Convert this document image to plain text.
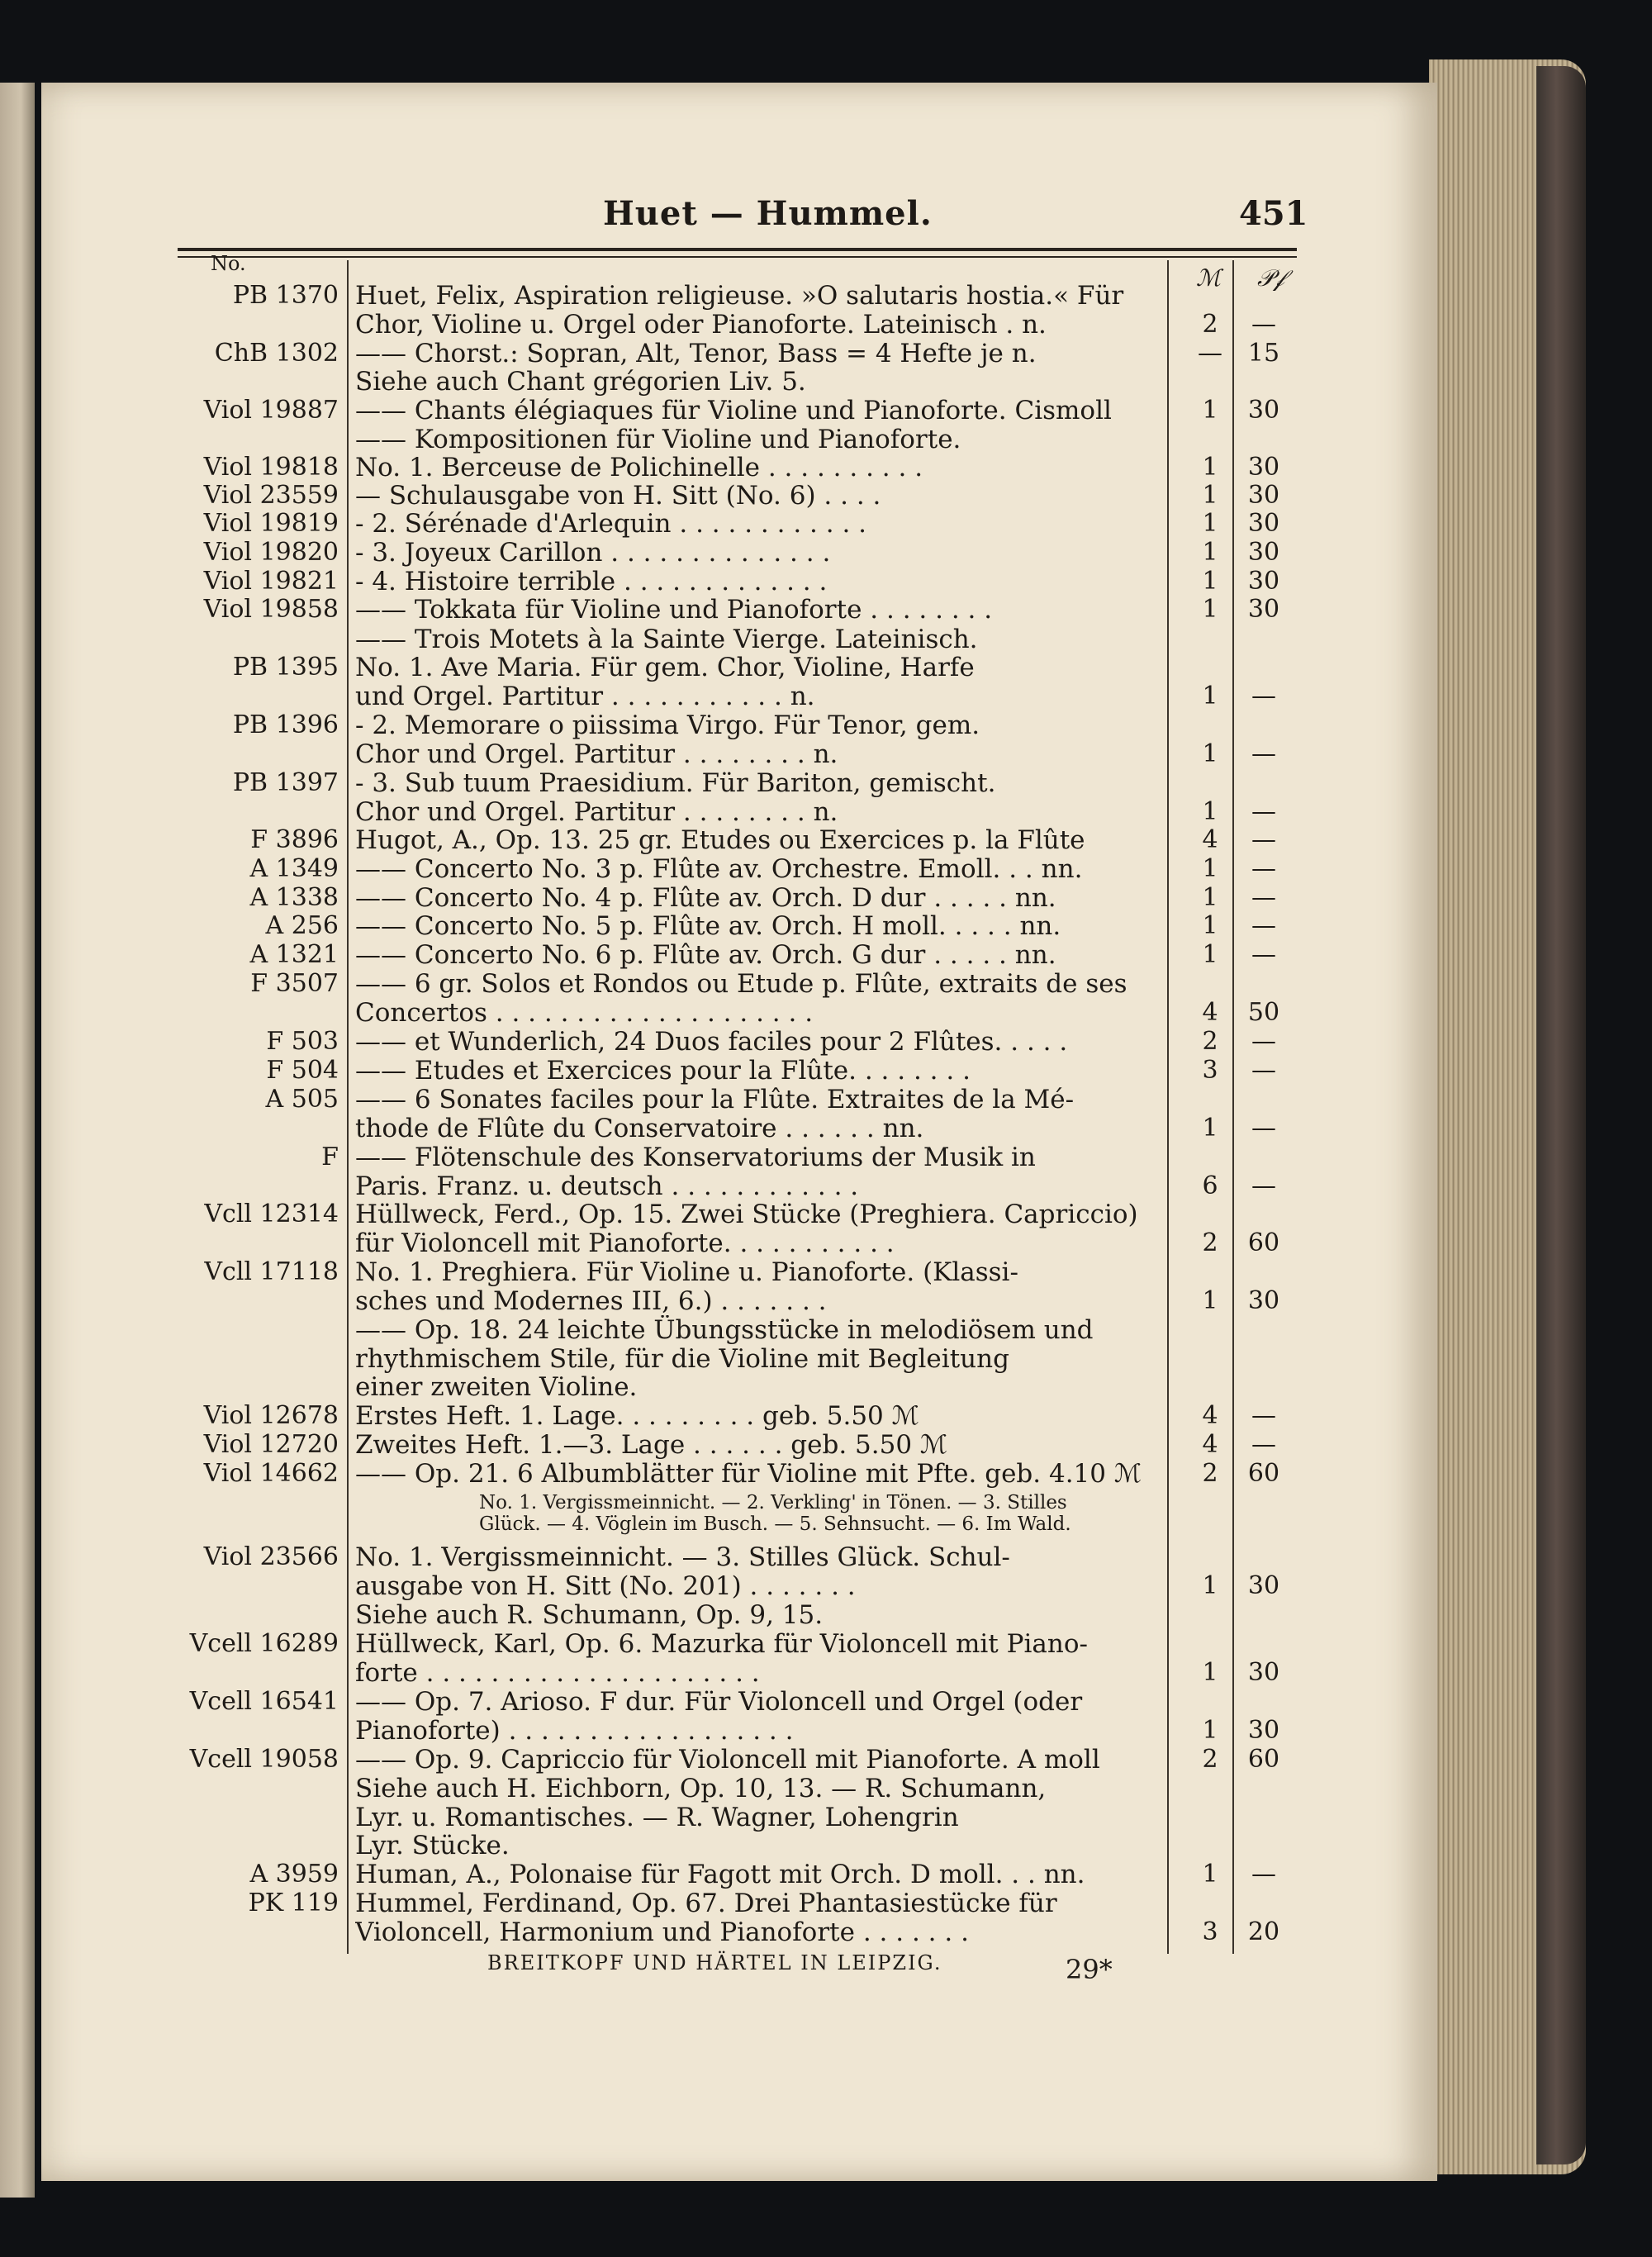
Huet — Hummel.	451
No.
ℳ 𝒫𝒻
PB 1370 Huet, Felix, Aspiration religieuse. »O salutaris hostia.« Für
Chor, Violine u. Orgel oder Pianoforte. Lateinisch . n.	2	—
ChB 1302 —— Chorst.: Sopran, Alt, Tenor, Bass = 4 Hefte je n.	—	15
Siehe auch Chant grégorien Liv. 5.
Viol 19887 —— Chants élégiaques für Violine und Pianoforte. Cismoll	1	30
—— Kompositionen für Violine und Pianoforte.
Viol 19818 No. 1. Berceuse de Polichinelle . . . . . . . . . .	1	30
Viol 23559 — Schulausgabe von H. Sitt (No. 6) . . . .	1	30
Viol 19819 - 2. Sérénade d'Arlequin . . . . . . . . . . . .	1	30
Viol 19820 - 3. Joyeux Carillon . . . . . . . . . . . . . .	1	30
Viol 19821 - 4. Histoire terrible . . . . . . . . . . . . .	1	30
Viol 19858 —— Tokkata für Violine und Pianoforte . . . . . . . .	1	30
—— Trois Motets à la Sainte Vierge. Lateinisch.
PB 1395 No. 1. Ave Maria. Für gem. Chor, Violine, Harfe
und Orgel. Partitur . . . . . . . . . . . n.	1	—
PB 1396 - 2. Memorare o piissima Virgo. Für Tenor, gem.
Chor und Orgel. Partitur . . . . . . . . n.	1	—
PB 1397 - 3. Sub tuum Praesidium. Für Bariton, gemischt.
Chor und Orgel. Partitur . . . . . . . . n.	1	—
F 3896 Hugot, A., Op. 13. 25 gr. Etudes ou Exercices p. la Flûte	4	—
A 1349 —— Concerto No. 3 p. Flûte av. Orchestre. Emoll. . . nn.	1	—
A 1338 —— Concerto No. 4 p. Flûte av. Orch. D dur . . . . . nn.	1	—
A 256 —— Concerto No. 5 p. Flûte av. Orch. H moll. . . . . nn.	1	—
A 1321 —— Concerto No. 6 p. Flûte av. Orch. G dur . . . . . nn.	1	—
F 3507 —— 6 gr. Solos et Rondos ou Etude p. Flûte, extraits de ses
Concertos . . . . . . . . . . . . . . . . . . . .	4	50
F 503 —— et Wunderlich, 24 Duos faciles pour 2 Flûtes. . . . .	2	—
F 504 —— Etudes et Exercices pour la Flûte. . . . . . . .	3	—
A 505 —— 6 Sonates faciles pour la Flûte. Extraites de la Mé-
thode de Flûte du Conservatoire . . . . . . nn.	1	—
F —— Flötenschule des Konservatoriums der Musik in
Paris. Franz. u. deutsch . . . . . . . . . . . .	6	—
Vcll 12314 Hüllweck, Ferd., Op. 15. Zwei Stücke (Preghiera. Capriccio)
für Violoncell mit Pianoforte. . . . . . . . . . .	2	60
Vcll 17118 No. 1. Preghiera. Für Violine u. Pianoforte. (Klassi-
sches und Modernes III, 6.) . . . . . . .	1	30
—— Op. 18. 24 leichte Übungsstücke in melodiösem und
rhythmischem Stile, für die Violine mit Begleitung
einer zweiten Violine.
Viol 12678 Erstes Heft. 1. Lage. . . . . . . . . geb. 5.50 ℳ	4	—
Viol 12720 Zweites Heft. 1.—3. Lage . . . . . . geb. 5.50 ℳ	4	—
Viol 14662 —— Op. 21. 6 Albumblätter für Violine mit Pfte. geb. 4.10 ℳ	2	60
No. 1. Vergissmeinnicht. — 2. Verkling' in Tönen. — 3. Stilles
Glück. — 4. Vöglein im Busch. — 5. Sehnsucht. — 6. Im Wald.
Viol 23566 No. 1. Vergissmeinnicht. — 3. Stilles Glück. Schul-
ausgabe von H. Sitt (No. 201) . . . . . . .	1	30
Siehe auch R. Schumann, Op. 9, 15.
Vcell 16289 Hüllweck, Karl, Op. 6. Mazurka für Violoncell mit Piano-
forte . . . . . . . . . . . . . . . . . . . . .	1	30
Vcell 16541 —— Op. 7. Arioso. F dur. Für Violoncell und Orgel (oder
Pianoforte) . . . . . . . . . . . . . . . . . .	1	30
Vcell 19058 —— Op. 9. Capriccio für Violoncell mit Pianoforte. A moll	2	60
Siehe auch H. Eichborn, Op. 10, 13. — R. Schumann,
Lyr. u. Romantisches. — R. Wagner, Lohengrin
Lyr. Stücke.
A 3959 Human, A., Polonaise für Fagott mit Orch. D moll. . . nn.	1	—
PK 119 Hummel, Ferdinand, Op. 67. Drei Phantasiestücke für
Violoncell, Harmonium und Pianoforte . . . . . . .	3	20
BREITKOPF UND HÄRTEL IN LEIPZIG.	29*
